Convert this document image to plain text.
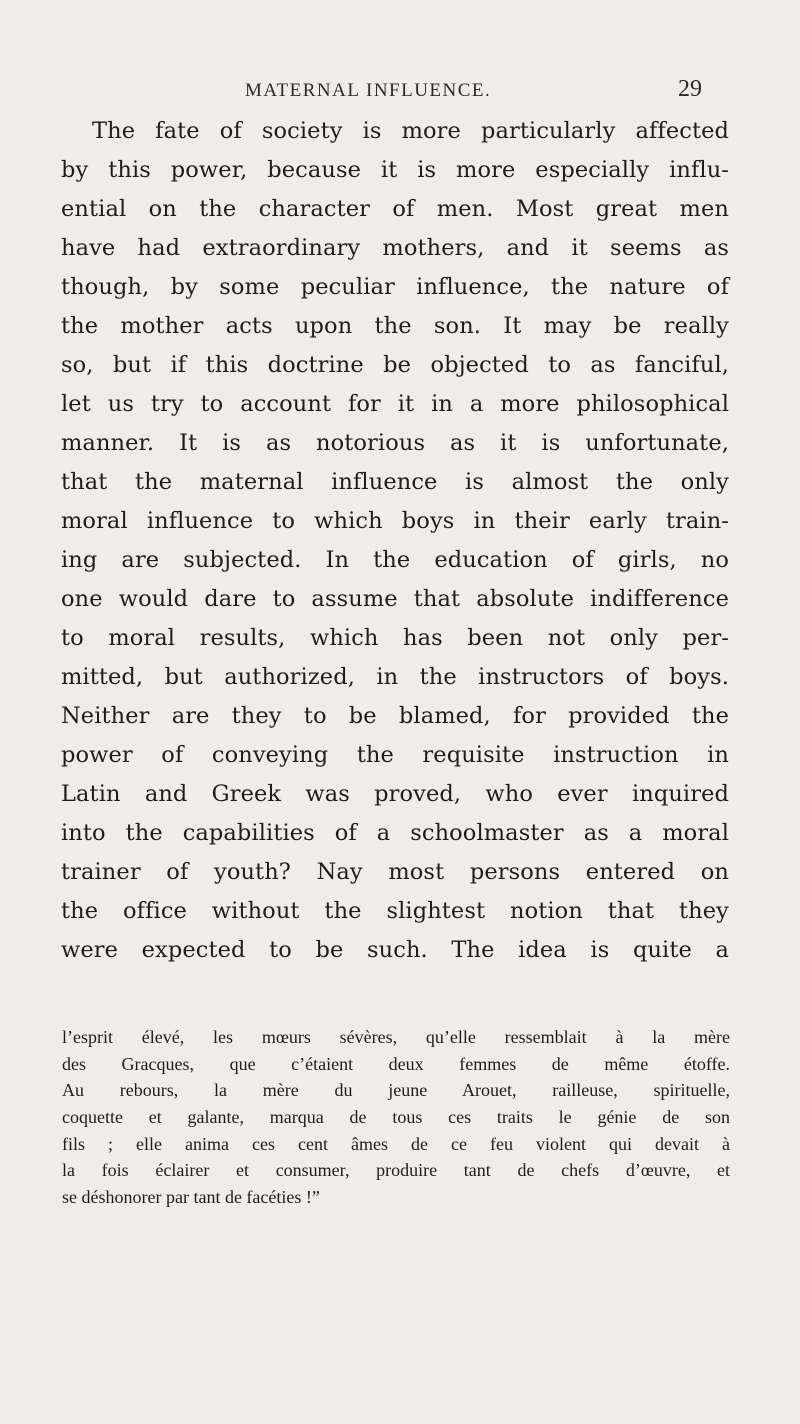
MATERNAL INFLUENCE.	29
The fate of society is more particularly affected
by this power, because it is more especially influ-
ential on the character of men. Most great men
have had extraordinary mothers, and it seems as
though, by some peculiar influence, the nature of
the mother acts upon the son. It may be really
so, but if this doctrine be objected to as fanciful,
let us try to account for it in a more philosophical
manner. It is as notorious as it is unfortunate,
that the maternal influence is almost the only
moral influence to which boys in their early train-
ing are subjected. In the education of girls, no
one would dare to assume that absolute indifference
to moral results, which has been not only per-
mitted, but authorized, in the instructors of boys.
Neither are they to be blamed, for provided the
power of conveying the requisite instruction in
Latin and Greek was proved, who ever inquired
into the capabilities of a schoolmaster as a moral
trainer of youth? Nay most persons entered on
the office without the slightest notion that they
were expected to be such. The idea is quite a
l’esprit élevé, les mœurs sévères, qu’elle ressemblait à la mère
des Gracques, que c’étaient deux femmes de même étoffe.
Au rebours, la mère du jeune Arouet, railleuse, spirituelle,
coquette et galante, marqua de tous ces traits le génie de son
fils ; elle anima ces cent âmes de ce feu violent qui devait à
la fois éclairer et consumer, produire tant de chefs d’œuvre, et
se déshonorer par tant de facéties !”
